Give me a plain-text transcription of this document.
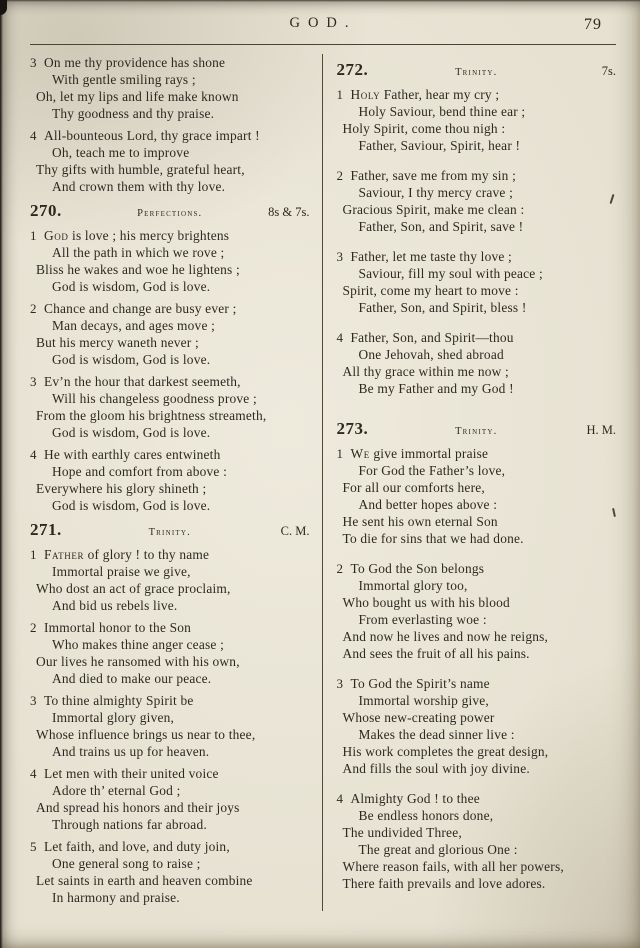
GOD.	79
3 On me thy providence has shone
With gentle smiling rays ;
Oh, let my lips and life make known
Thy goodness and thy praise.
4 All-bounteous Lord, thy grace impart !
Oh, teach me to improve
Thy gifts with humble, grateful heart,
And crown them with thy love.
270.	Perfections.	8s & 7s.
1 God is love ; his mercy brightens
All the path in which we rove ;
Bliss he wakes and woe he lightens ;
God is wisdom, God is love.
2 Chance and change are busy ever ;
Man decays, and ages move ;
But his mercy waneth never ;
God is wisdom, God is love.
3 Ev’n the hour that darkest seemeth,
Will his changeless goodness prove ;
From the gloom his brightness streameth,
God is wisdom, God is love.
4 He with earthly cares entwineth
Hope and comfort from above :
Everywhere his glory shineth ;
God is wisdom, God is love.
271.	Trinity.	C. M.
1 Father of glory ! to thy name
Immortal praise we give,
Who dost an act of grace proclaim,
And bid us rebels live.
2 Immortal honor to the Son
Who makes thine anger cease ;
Our lives he ransomed with his own,
And died to make our peace.
3 To thine almighty Spirit be
Immortal glory given,
Whose influence brings us near to thee,
And trains us up for heaven.
4 Let men with their united voice
Adore th’ eternal God ;
And spread his honors and their joys
Through nations far abroad.
5 Let faith, and love, and duty join,
One general song to raise ;
Let saints in earth and heaven combine
In harmony and praise.
272.	Trinity.	7s.
1 Holy Father, hear my cry ;
Holy Saviour, bend thine ear ;
Holy Spirit, come thou nigh :
Father, Saviour, Spirit, hear !
2 Father, save me from my sin ;
Saviour, I thy mercy crave ;
Gracious Spirit, make me clean :
Father, Son, and Spirit, save !
3 Father, let me taste thy love ;
Saviour, fill my soul with peace ;
Spirit, come my heart to move :
Father, Son, and Spirit, bless !
4 Father, Son, and Spirit—thou
One Jehovah, shed abroad
All thy grace within me now ;
Be my Father and my God !
273.	Trinity.	H. M.
1 We give immortal praise
For God the Father’s love,
For all our comforts here,
And better hopes above :
He sent his own eternal Son
To die for sins that we had done.
2 To God the Son belongs
Immortal glory too,
Who bought us with his blood
From everlasting woe :
And now he lives and now he reigns,
And sees the fruit of all his pains.
3 To God the Spirit’s name
Immortal worship give,
Whose new-creating power
Makes the dead sinner live :
His work completes the great design,
And fills the soul with joy divine.
4 Almighty God ! to thee
Be endless honors done,
The undivided Three,
The great and glorious One :
Where reason fails, with all her powers,
There faith prevails and love adores.
